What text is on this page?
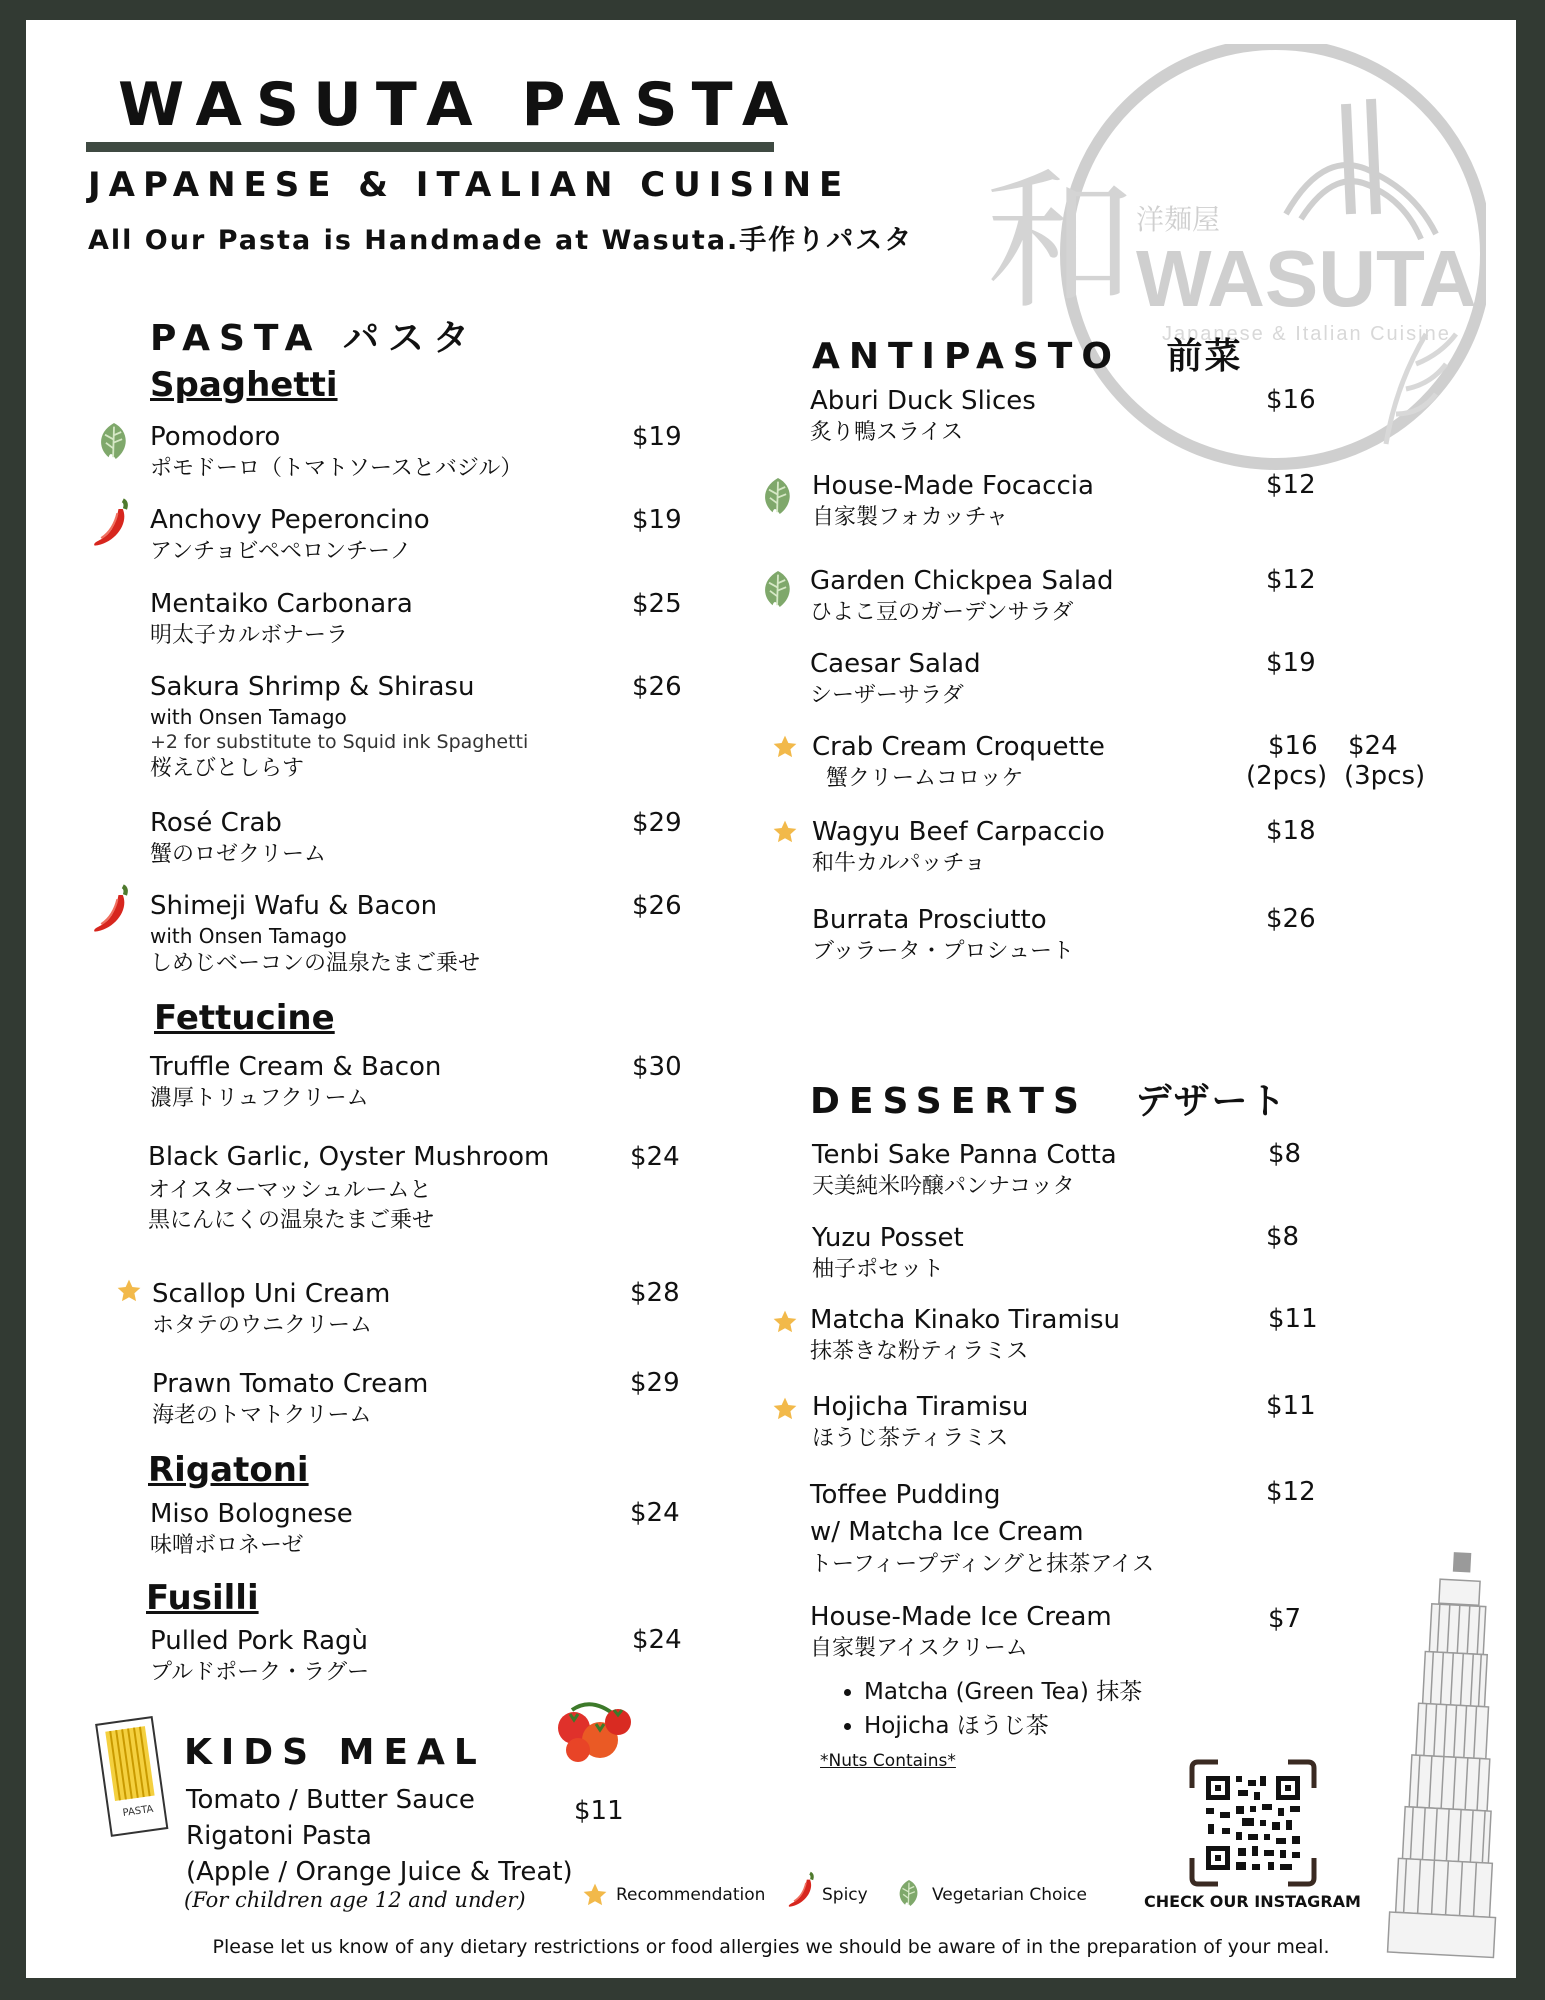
和 洋麺屋
WASUTA
Japanese & Italian Cuisine
WASUTA PASTA
JAPANESE & ITALIAN CUISINE
All Our Pasta is Handmade at Wasuta.手作りパスタ
PASTA パスタ
Spaghetti
Pomodoro
ポモドーロ（トマトソースとバジル）
$19
Anchovy Peperoncino
アンチョビペペロンチーノ
$19
Mentaiko Carbonara
明太子カルボナーラ
$25
Sakura Shrimp & Shirasu
with Onsen Tamago
+2 for substitute to Squid ink Spaghetti
桜えびとしらす
$26
Rosé Crab
蟹のロゼクリーム
$29
Shimeji Wafu & Bacon
with Onsen Tamago
しめじベーコンの温泉たまご乗せ
$26
Fettucine
Truffle Cream & Bacon
濃厚トリュフクリーム
$30
Black Garlic, Oyster Mushroom
オイスターマッシュルームと
黒にんにくの温泉たまご乗せ
$24
Scallop Uni Cream
ホタテのウニクリーム
$28
Prawn Tomato Cream
海老のトマトクリーム
$29
Rigatoni
Miso Bolognese
味噌ボロネーゼ
$24
Fusilli
Pulled Pork Ragù
プルドポーク・ラグー
$24
PASTA
KIDS MEAL
Tomato / Butter Sauce
Rigatoni Pasta
(Apple / Orange Juice & Treat)
$11
(For children age 12 and under)
ANTIPASTO 前菜
Aburi Duck Slices
炙り鴨スライス
$16
House-Made Focaccia
自家製フォカッチャ
$12
Garden Chickpea Salad
ひよこ豆のガーデンサラダ
$12
Caesar Salad
シーザーサラダ
$19
Crab Cream Croquette
蟹クリームコロッケ
$16 $24
(2pcs) (3pcs)
Wagyu Beef Carpaccio
和牛カルパッチョ
$18
Burrata Prosciutto
ブッラータ・プロシュート
$26
DESSERTS デザート
Tenbi Sake Panna Cotta
天美純米吟醸パンナコッタ
$8
Yuzu Posset
柚子ポセット
$8
Matcha Kinako Tiramisu
抹茶きな粉ティラミス
$11
Hojicha Tiramisu
ほうじ茶ティラミス
$11
Toffee Pudding
w/ Matcha Ice Cream
トーフィープディングと抹茶アイス
$12
House-Made Ice Cream
自家製アイスクリーム
$7
• Matcha (Green Tea) 抹茶
• Hojicha ほうじ茶
*Nuts Contains*
CHECK OUR INSTAGRAM
Recommendation	Spicy	Vegetarian Choice
Please let us know of any dietary restrictions or food allergies we should be aware of in the preparation of your meal.
